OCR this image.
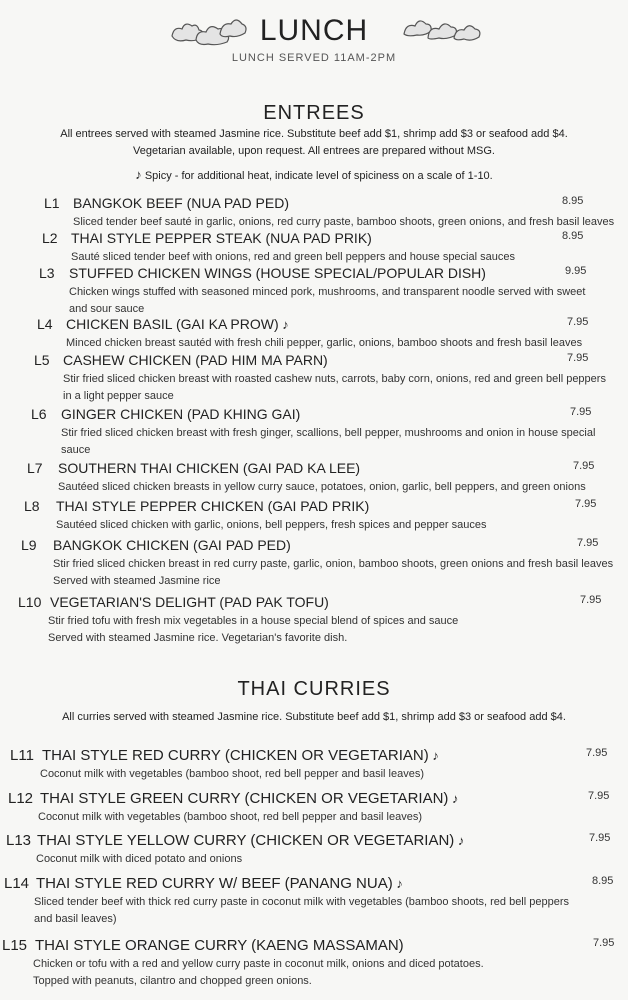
LUNCH
LUNCH SERVED 11AM-2PM
ENTREES
All entrees served with steamed Jasmine rice. Substitute beef add $1, shrimp add $3 or seafood add $4.
Vegetarian available, upon request. All entrees are prepared without MSG.
♪ Spicy - for additional heat, indicate level of spiciness on a scale of 1-10.
L1 BANGKOK BEEF (NUA PAD PED)	8.95
Sliced tender beef sauté in garlic, onions, red curry paste, bamboo shoots, green onions, and fresh basil leaves
L2 THAI STYLE PEPPER STEAK (NUA PAD PRIK)	8.95
Sauté sliced tender beef with onions, red and green bell peppers and house special sauces
L3 STUFFED CHICKEN WINGS (HOUSE SPECIAL/POPULAR DISH)	9.95
Chicken wings stuffed with seasoned minced pork, mushrooms, and transparent noodle served with sweet
and sour sauce
L4 CHICKEN BASIL (GAI KA PROW) ♪	7.95
Minced chicken breast sautéd with fresh chili pepper, garlic, onions, bamboo shoots and fresh basil leaves
L5 CASHEW CHICKEN (PAD HIM MA PARN)	7.95
Stir fried sliced chicken breast with roasted cashew nuts, carrots, baby corn, onions, red and green bell peppers
in a light pepper sauce
L6 GINGER CHICKEN (PAD KHING GAI)	7.95
Stir fried sliced chicken breast with fresh ginger, scallions, bell pepper, mushrooms and onion in house special
sauce
L7 SOUTHERN THAI CHICKEN (GAI PAD KA LEE)	7.95
Sautéed sliced chicken breasts in yellow curry sauce, potatoes, onion, garlic, bell peppers, and green onions
L8 THAI STYLE PEPPER CHICKEN (GAI PAD PRIK)	7.95
Sautéed sliced chicken with garlic, onions, bell peppers, fresh spices and pepper sauces
L9 BANGKOK CHICKEN (GAI PAD PED)	7.95
Stir fried sliced chicken breast in red curry paste, garlic, onion, bamboo shoots, green onions and fresh basil leaves
Served with steamed Jasmine rice
L10 VEGETARIAN'S DELIGHT (PAD PAK TOFU)	7.95
Stir fried tofu with fresh mix vegetables in a house special blend of spices and sauce
Served with steamed Jasmine rice. Vegetarian's favorite dish.
THAI CURRIES
All curries served with steamed Jasmine rice. Substitute beef add $1, shrimp add $3 or seafood add $4.
L11 THAI STYLE RED CURRY (CHICKEN OR VEGETARIAN) ♪	7.95
Coconut milk with vegetables (bamboo shoot, red bell pepper and basil leaves)
L12 THAI STYLE GREEN CURRY (CHICKEN OR VEGETARIAN) ♪	7.95
Coconut milk with vegetables (bamboo shoot, red bell pepper and basil leaves)
L13 THAI STYLE YELLOW CURRY (CHICKEN OR VEGETARIAN) ♪	7.95
Coconut milk with diced potato and onions
L14 THAI STYLE RED CURRY W/ BEEF (PANANG NUA) ♪	8.95
Sliced tender beef with thick red curry paste in coconut milk with vegetables (bamboo shoots, red bell peppers
and basil leaves)
L15 THAI STYLE ORANGE CURRY (KAENG MASSAMAN)	7.95
Chicken or tofu with a red and yellow curry paste in coconut milk, onions and diced potatoes.
Topped with peanuts, cilantro and chopped green onions.
